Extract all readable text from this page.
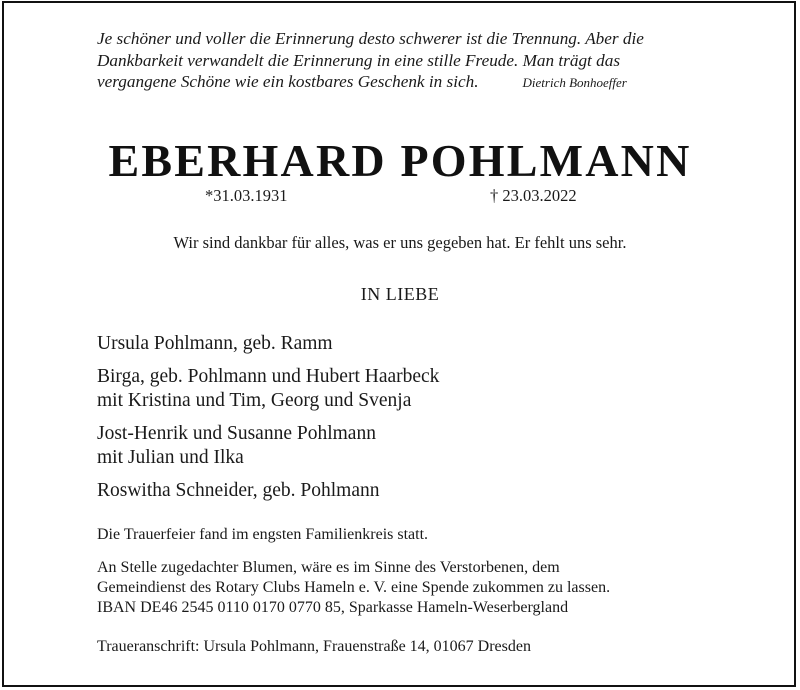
Je schöner und voller die Erinnerung desto schwerer ist die Trennung. Aber die
Dankbarkeit verwandelt die Erinnerung in eine stille Freude. Man trägt das
vergangene Schöne wie ein kostbares Geschenk in sich.	Dietrich Bonhoeffer
EBERHARD POHLMANN
*31.03.1931	† 23.03.2022
Wir sind dankbar für alles, was er uns gegeben hat. Er fehlt uns sehr.
IN LIEBE
Ursula Pohlmann, geb. Ramm
Birga, geb. Pohlmann und Hubert Haarbeck
mit Kristina und Tim, Georg und Svenja
Jost-Henrik und Susanne Pohlmann
mit Julian und Ilka
Roswitha Schneider, geb. Pohlmann
Die Trauerfeier fand im engsten Familienkreis statt.
An Stelle zugedachter Blumen, wäre es im Sinne des Verstorbenen, dem
Gemeindienst des Rotary Clubs Hameln e. V. eine Spende zukommen zu lassen.
IBAN DE46 2545 0110 0170 0770 85, Sparkasse Hameln-Weserbergland
Traueranschrift: Ursula Pohlmann, Frauenstraße 14, 01067 Dresden
